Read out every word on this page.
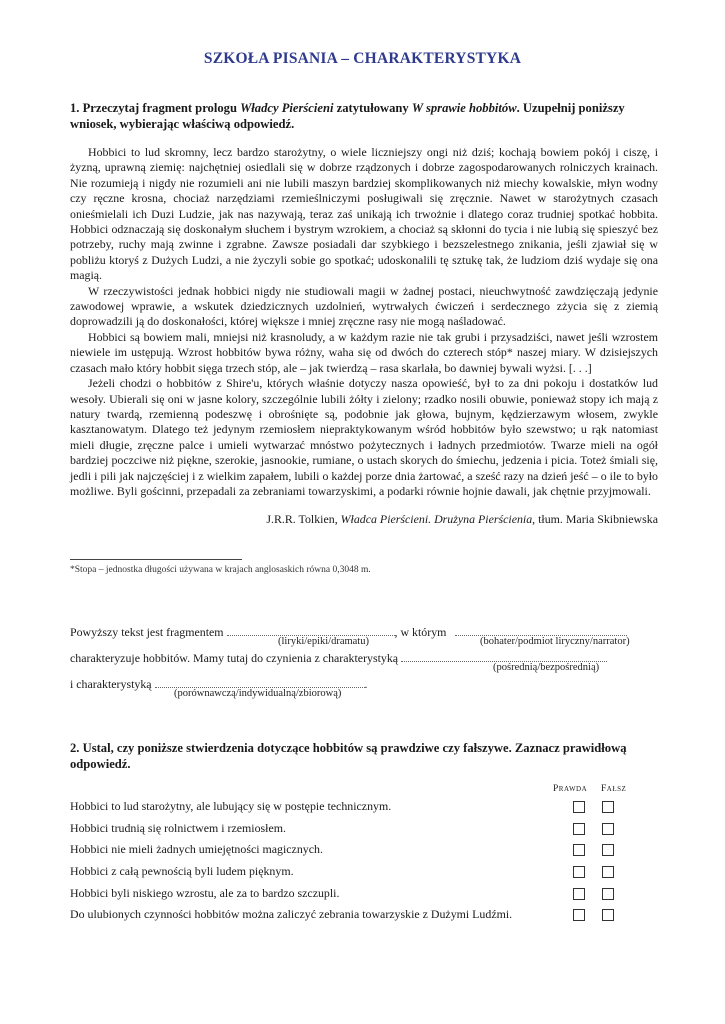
SZKOŁA PISANIA – CHARAKTERYSTYKA
1. Przeczytaj fragment prologu Władcy Pierścieni zatytułowany W sprawie hobbitów. Uzupełnij poniższy wniosek, wybierając właściwą odpowiedź.

Hobbici to lud skromny, lecz bardzo starożytny, o wiele liczniejszy ongi niż dziś; kochają bowiem pokój i ciszę, i żyzną, uprawną ziemię: najchętniej osiedlali się w dobrze rządzonych i dobrze zagospodarowanych rolniczych krainach. Nie rozumieją i nigdy nie rozumieli ani nie lubili maszyn bardziej skomplikowanych niż miechy kowalskie, młyn wodny czy ręczne krosna, chociaż narzędziami rzemieślniczymi posługiwali się zręcznie. Nawet w starożytnych czasach onieśmielali ich Duzi Ludzie, jak nas nazywają, teraz zaś unikają ich trwożnie i dlatego coraz trudniej spotkać hobbita. Hobbici odznaczają się doskonałym słuchem i bystrym wzrokiem, a chociaż są skłonni do tycia i nie lubią się spieszyć bez potrzeby, ruchy mają zwinne i zgrabne. Zawsze posiadali dar szybkiego i bezszelestnego znikania, jeśli zjawiał się w pobliżu ktoryś z Dużych Ludzi, a nie życzyli sobie go spotkać; udoskonalili tę sztukę tak, że ludziom dziś wydaje się ona magią.

W rzeczywistości jednak hobbici nigdy nie studiowali magii w żadnej postaci, nieuchwytność zawdzięczają jedynie zawodowej wprawie, a wskutek dziedzicznych uzdolnień, wytrwałych ćwiczeń i serdecznego zżycia się z ziemią doprowadzili ją do doskonałości, której większe i mniej zręczne rasy nie mogą naśladować.

Hobbici są bowiem mali, mniejsi niż krasnoludy, a w każdym razie nie tak grubi i przysadziści, nawet jeśli wzrostem niewiele im ustępują. Wzrost hobbitów bywa różny, waha się od dwóch do czterech stóp* naszej miary. W dzisiejszych czasach mało który hobbit sięga trzech stóp, ale – jak twierdzą – rasa skarlała, bo dawniej bywali wyżsi. [. . .]

Jeżeli chodzi o hobbitów z Shire'u, których właśnie dotyczy nasza opowieść, był to za dni pokoju i dostatków lud wesoły. Ubierali się oni w jasne kolory, szczególnie lubili żółty i zielony; rzadko nosili obuwie, ponieważ stopy ich mają z natury twardą, rzemienną podeszwę i obrośnięte są, podobnie jak głowa, bujnym, kędzierzawym włosem, zwykle kasztanowatym. Dlatego też jedynym rzemiosłem niepraktykowanym wśród hobbitów było szewstwo; u rąk natomiast mieli długie, zręczne palce i umieli wytwarzać mnóstwo pożytecznych i ładnych przedmiotów. Twarze mieli na ogół bardziej poczciwe niż piękne, szerokie, jasnookie, rumiane, o ustach skorych do śmiechu, jedzenia i picia. Toteż śmiali się, jedli i pili jak najczęściej i z wielkim zapałem, lubili o każdej porze dnia żartować, a sześć razy na dzień jeść – o ile to było możliwe. Byli gościnni, przepadali za zebraniami towarzyskimi, a podarki równie hojnie dawali, jak chętnie przyjmowali.

J.R.R. Tolkien, Władca Pierścieni. Drużyna Pierścienia, tłum. Maria Skibniewska
*Stopa – jednostka długości używana w krajach anglosaskich równa 0,3048 m.
Powyższy tekst jest fragmentem	, w którym
(liryki/epiki/dramatu)	(bohater/podmiot liryczny/narrator)
charakteryzuje hobbitów. Mamy tutaj do czynienia z charakterystyką
(pośrednią/bezpośrednią)
i charakterystyką	.
(porównawczą/indywidualną/zbiorową)
2. Ustal, czy poniższe stwierdzenia dotyczące hobbitów są prawdziwe czy fałszywe. Zaznacz prawidłową odpowiedź.
Prawda Fałsz
Hobbici to lud starożytny, ale lubujący się w postępie technicznym.
Hobbici trudnią się rolnictwem i rzemiosłem.
Hobbici nie mieli żadnych umiejętności magicznych.
Hobbici z całą pewnością byli ludem pięknym.
Hobbici byli niskiego wzrostu, ale za to bardzo szczupli.
Do ulubionych czynności hobbitów można zaliczyć zebrania towarzyskie z Dużymi Ludźmi.
